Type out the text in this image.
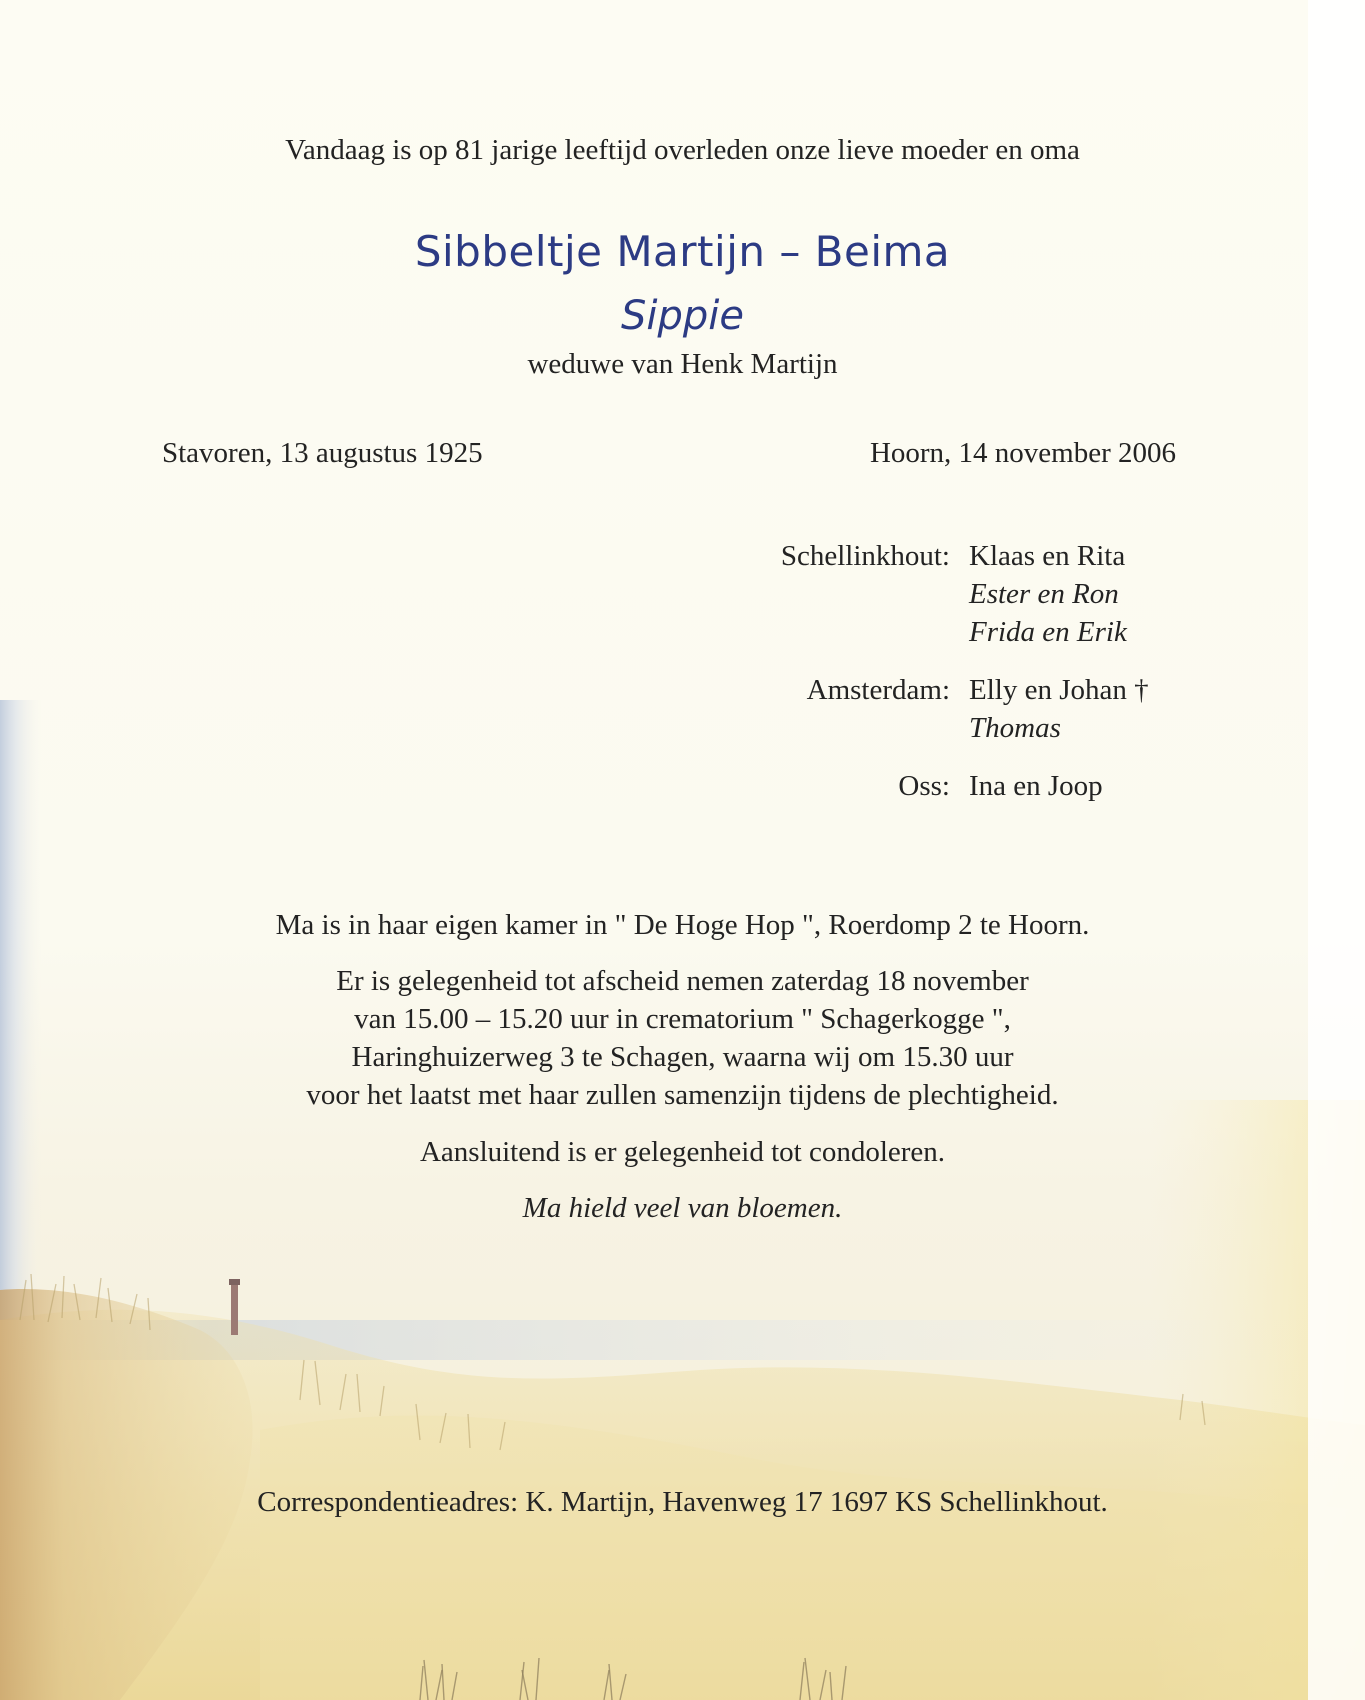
Vandaag is op 81 jarige leeftijd overleden onze lieve moeder en oma
Sibbeltje Martijn – Beima
Sippie
weduwe van Henk Martijn
Stavoren, 13 augustus 1925	Hoorn, 14 november 2006
Schellinkhout: Klaas en Rita
Ester en Ron
Frida en Erik
Amsterdam: Elly en Johan †
Thomas
Oss: Ina en Joop
Ma is in haar eigen kamer in " De Hoge Hop ", Roerdomp 2 te Hoorn.
Er is gelegenheid tot afscheid nemen zaterdag 18 november
van 15.00 – 15.20 uur in crematorium " Schagerkogge ",
Haringhuizerweg 3 te Schagen, waarna wij om 15.30 uur
voor het laatst met haar zullen samenzijn tijdens de plechtigheid.
Aansluitend is er gelegenheid tot condoleren.
Ma hield veel van bloemen.
Correspondentieadres: K. Martijn, Havenweg 17 1697 KS Schellinkhout.
